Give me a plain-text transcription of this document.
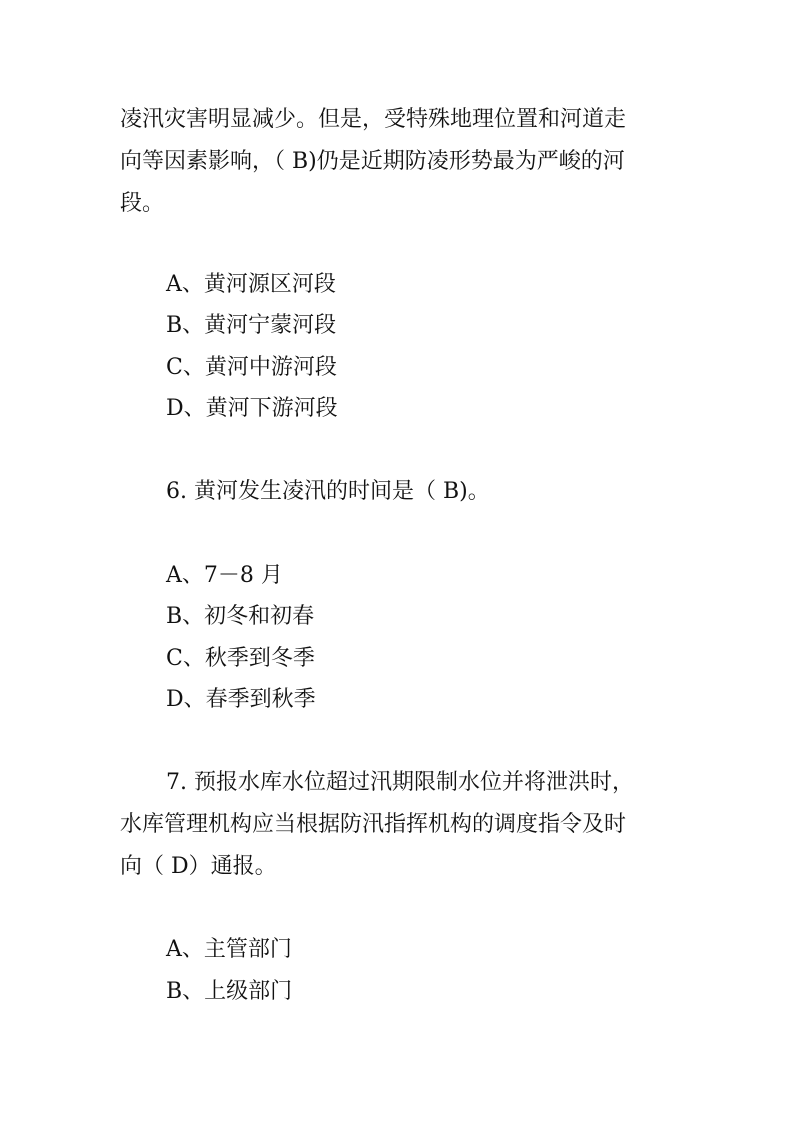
凌汛灾害明显减少。但是，受特殊地理位置和河道走
向等因素影响，（ B)仍是近期防凌形势最为严峻的河
段。
A、黄河源区河段
B、黄河宁蒙河段
C、黄河中游河段
D、黄河下游河段
6. 黄河发生凌汛的时间是（ B)。
A、7－8 月
B、初冬和初春
C、秋季到冬季
D、春季到秋季
7. 预报水库水位超过汛期限制水位并将泄洪时，
水库管理机构应当根据防汛指挥机构的调度指令及时
向（ D）通报。
A、主管部门
B、上级部门
